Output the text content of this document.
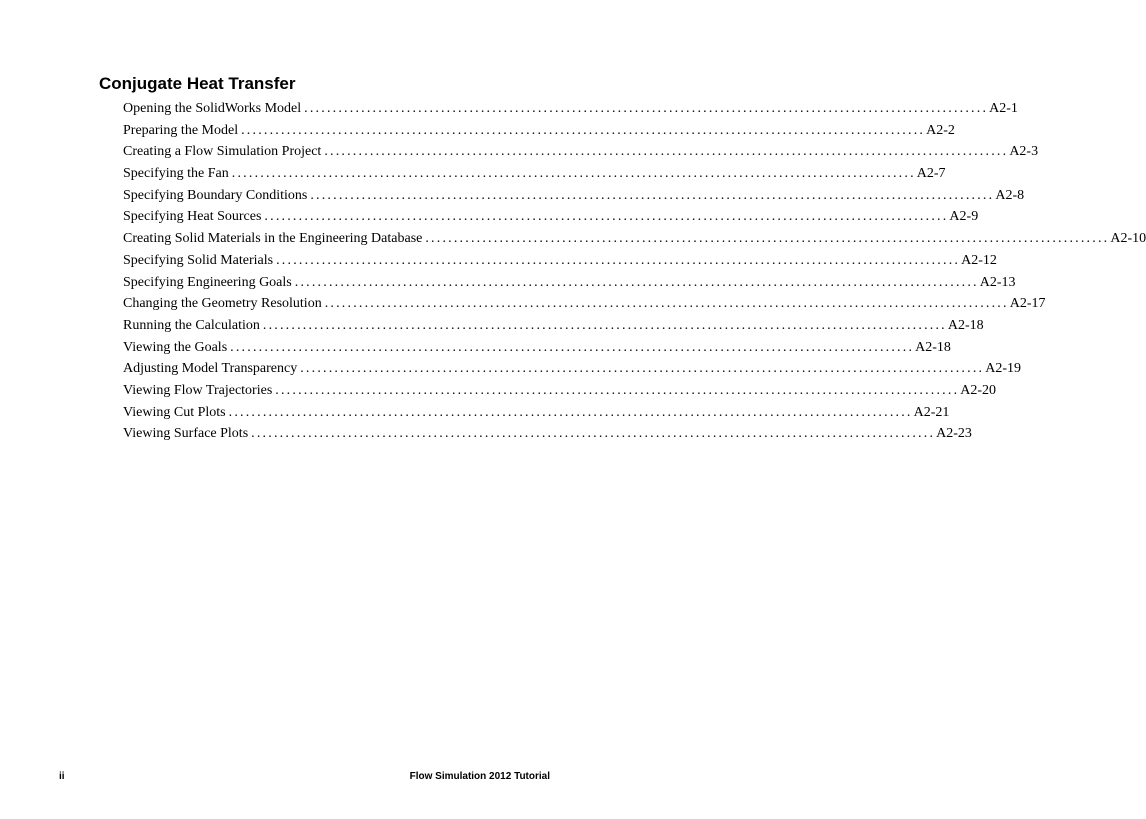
Conjugate Heat Transfer
Opening the SolidWorks Model ........................................................................................................................ A2-1
Preparing the Model ........................................................................................................................ A2-2
Creating a Flow Simulation Project ........................................................................................................................ A2-3
Specifying the Fan ........................................................................................................................ A2-7
Specifying Boundary Conditions ........................................................................................................................ A2-8
Specifying Heat Sources ........................................................................................................................ A2-9
Creating Solid Materials in the Engineering Database ........................................................................................................................ A2-10
Specifying Solid Materials ........................................................................................................................ A2-12
Specifying Engineering Goals ........................................................................................................................ A2-13
Changing the Geometry Resolution ........................................................................................................................ A2-17
Running the Calculation ........................................................................................................................ A2-18
Viewing the Goals ........................................................................................................................ A2-18
Adjusting Model Transparency ........................................................................................................................ A2-19
Viewing Flow Trajectories ........................................................................................................................ A2-20
Viewing Cut Plots ........................................................................................................................ A2-21
Viewing Surface Plots ........................................................................................................................ A2-23
ii	Flow Simulation 2012 Tutorial
